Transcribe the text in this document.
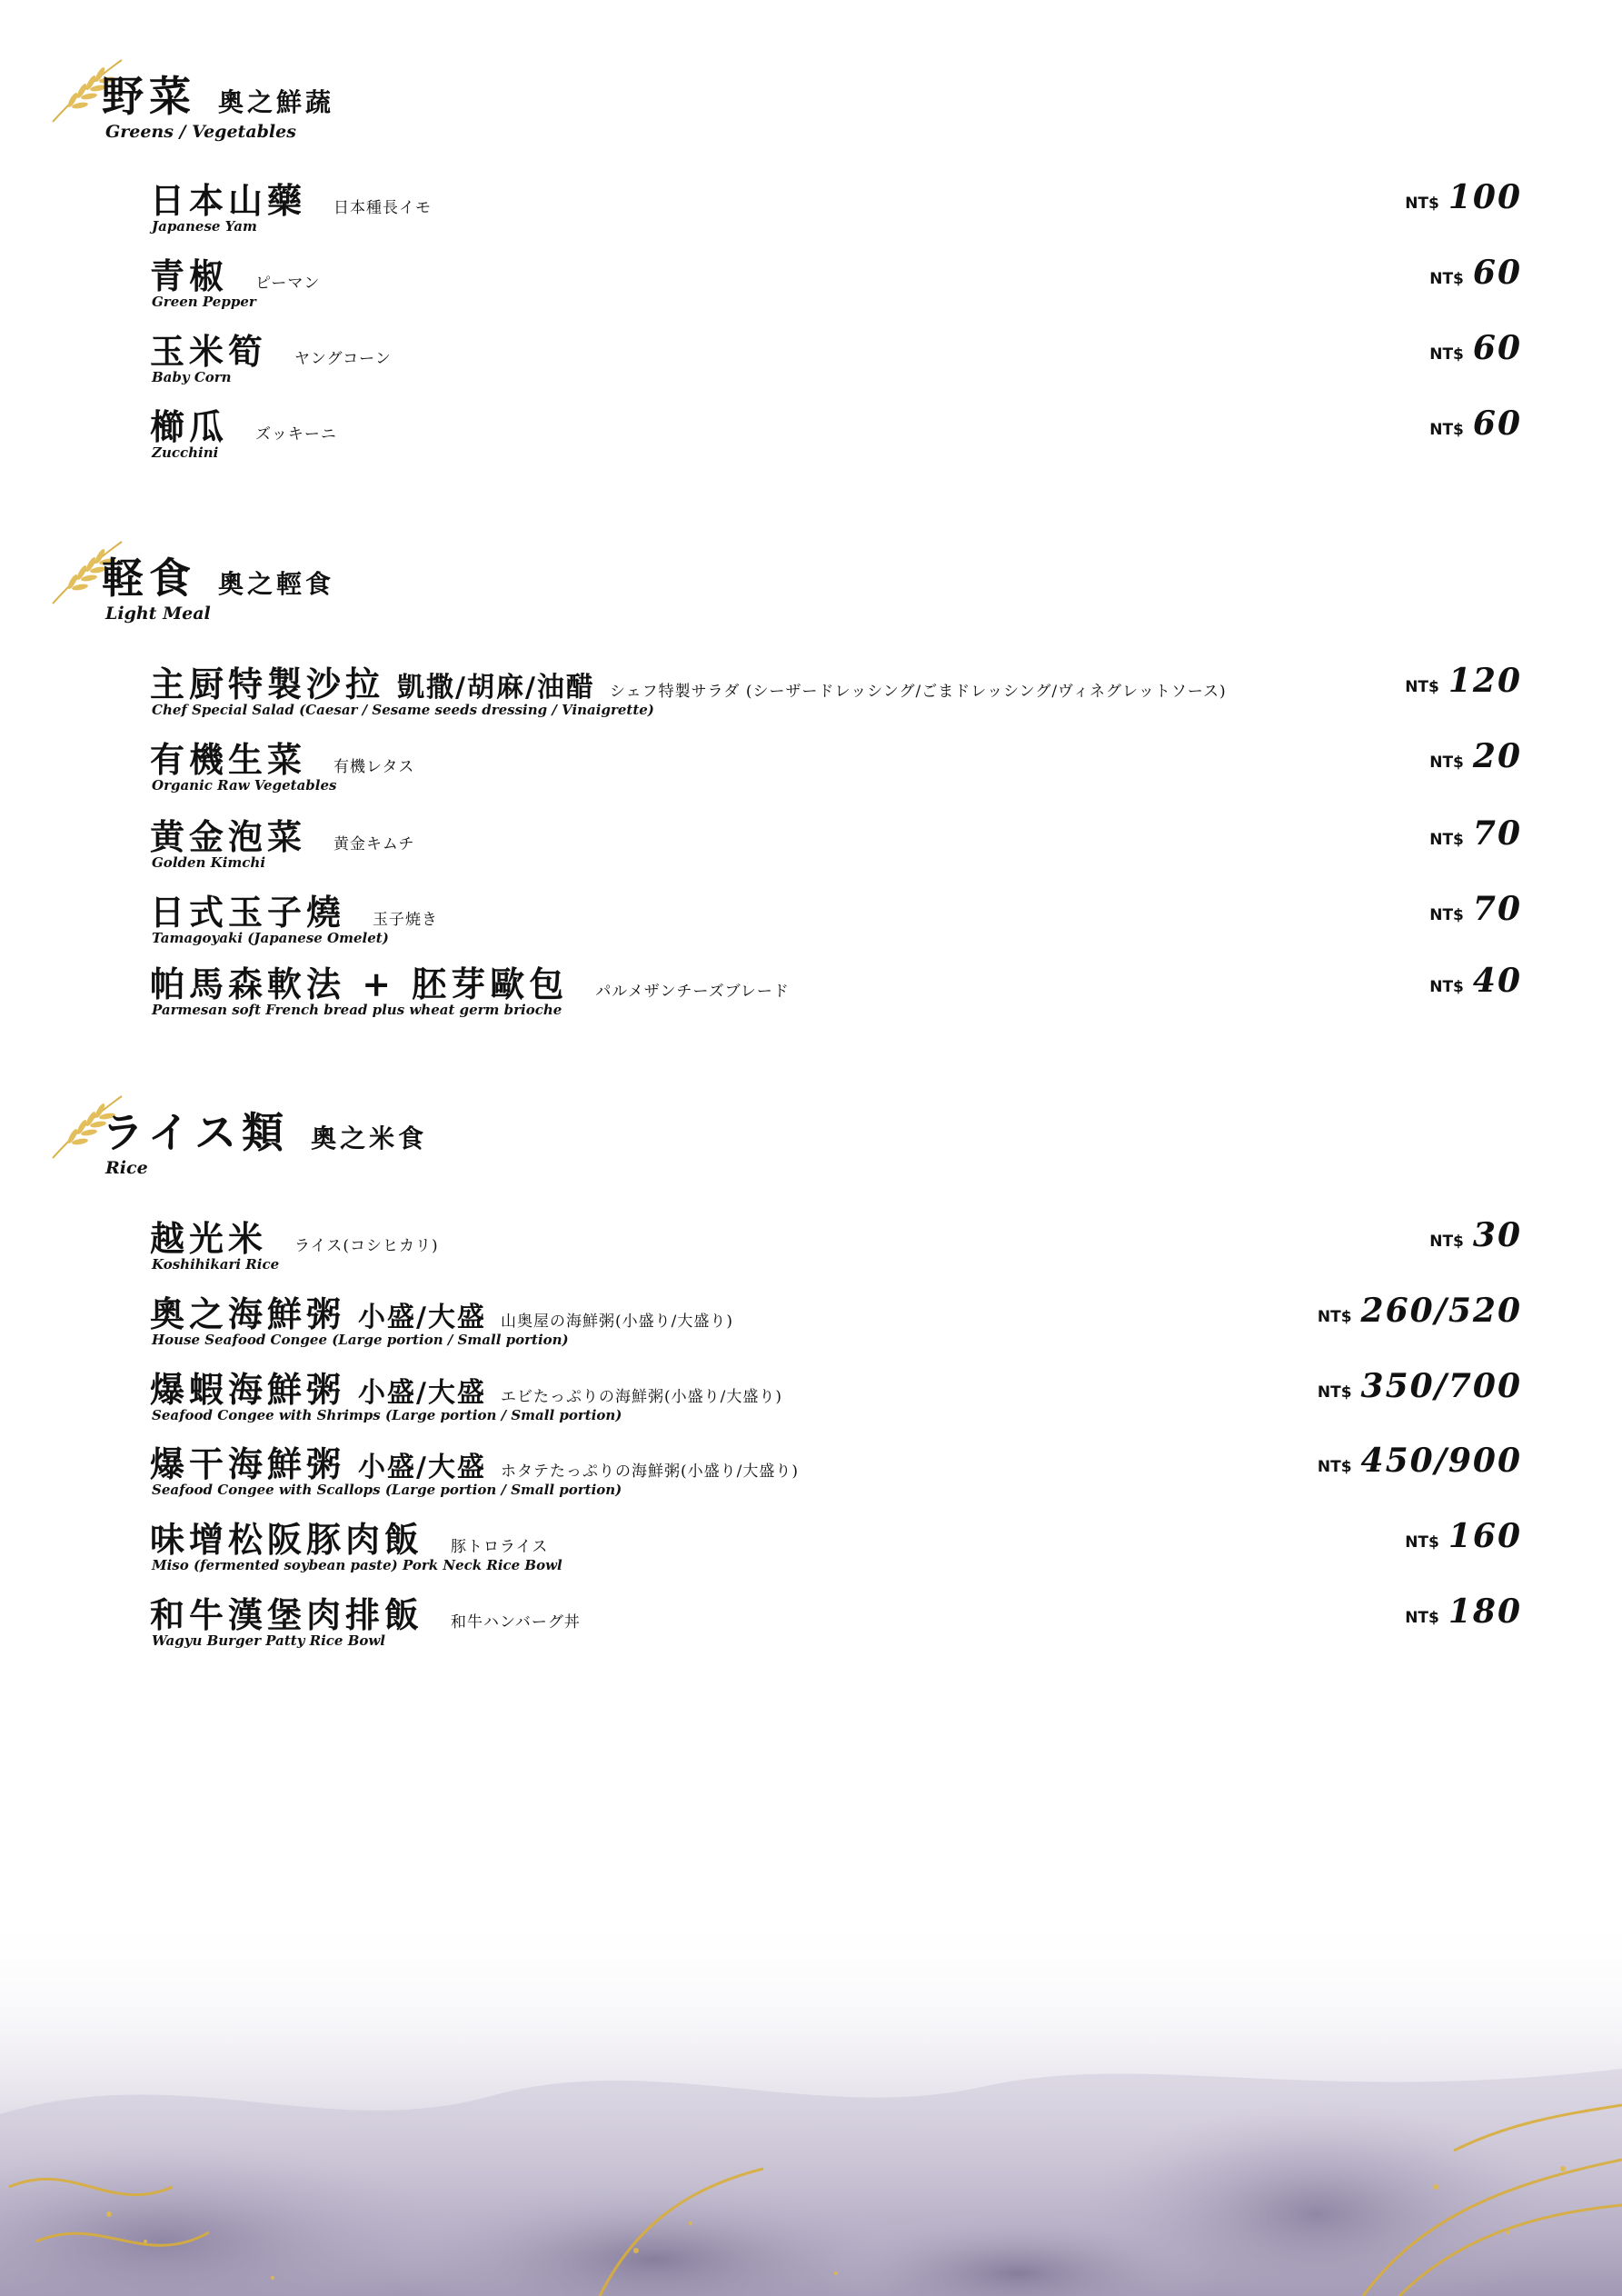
野菜 奧之鮮蔬
Greens / Vegetables
日本山藥 日本種長イモ
Japanese Yam
NT$ 100
青椒 ピーマン
Green Pepper
NT$ 60
玉米筍 ヤングコーン
Baby Corn
NT$ 60
櫛瓜 ズッキーニ
Zucchini
NT$ 60
軽食 奧之輕食
Light Meal
主厨特製沙拉 凱撒/胡麻/油醋 シェフ特製サラダ (シーザードレッシング/ごまドレッシング/ヴィネグレットソース)
Chef Special Salad (Caesar / Sesame seeds dressing / Vinaigrette)
NT$ 120
有機生菜 有機レタス
Organic Raw Vegetables
NT$ 20
黄金泡菜 黄金キムチ
Golden Kimchi
NT$ 70
日式玉子燒 玉子焼き
Tamagoyaki (Japanese Omelet)
NT$ 70
帕馬森軟法 + 胚芽歐包 パルメザンチーズブレード
Parmesan soft French bread plus wheat germ brioche
NT$ 40
ライス類 奧之米食
Rice
越光米 ライス(コシヒカリ)
Koshihikari Rice
NT$ 30
奧之海鮮粥 小盛/大盛 山奥屋の海鮮粥(小盛り/大盛り)
House Seafood Congee (Large portion / Small portion)
NT$ 260/520
爆蝦海鮮粥 小盛/大盛 エビたっぷりの海鮮粥(小盛り/大盛り)
Seafood Congee with Shrimps (Large portion / Small portion)
NT$ 350/700
爆干海鮮粥 小盛/大盛 ホタテたっぷりの海鮮粥(小盛り/大盛り)
Seafood Congee with Scallops (Large portion / Small portion)
NT$ 450/900
味增松阪豚肉飯 豚トロライス
Miso (fermented soybean paste) Pork Neck Rice Bowl
NT$ 160
和牛漢堡肉排飯 和牛ハンバーグ丼
Wagyu Burger Patty Rice Bowl
NT$ 180
